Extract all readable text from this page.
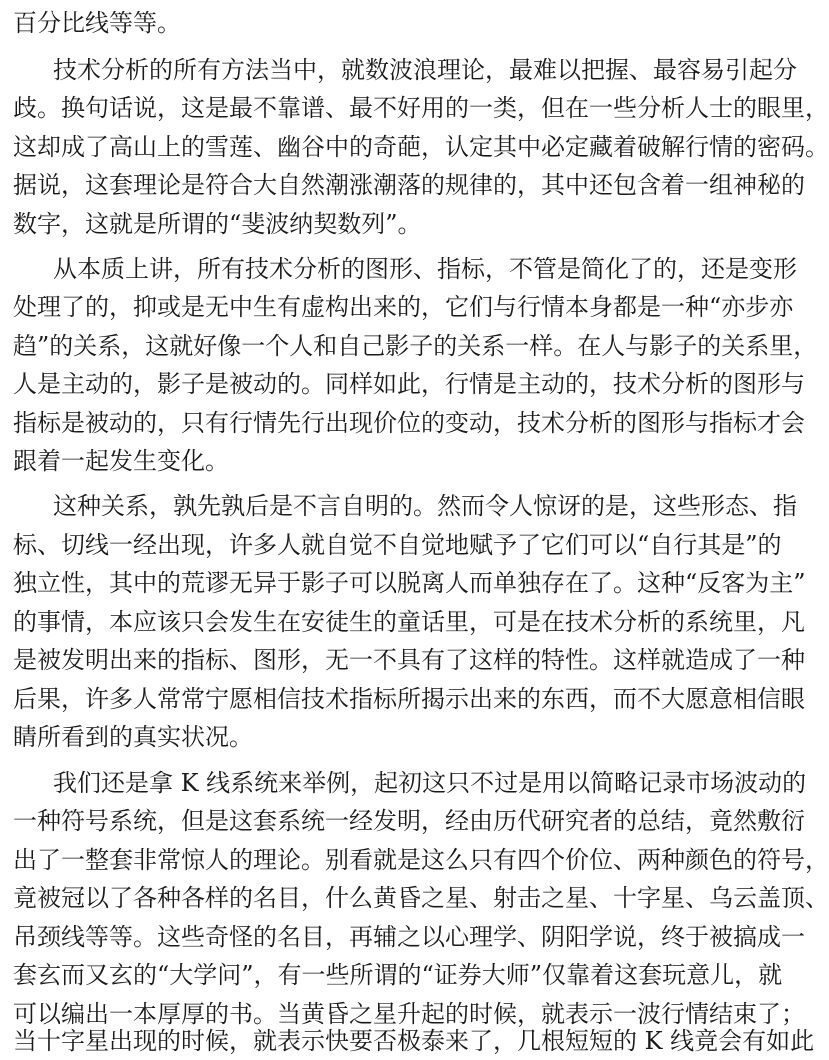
百分比线等等。
技术分析的所有方法当中，就数波浪理论，最难以把握、最容易引起分
歧。换句话说，这是最不靠谱、最不好用的一类，但在一些分析人士的眼里，
这却成了高山上的雪莲、幽谷中的奇葩，认定其中必定藏着破解行情的密码。
据说，这套理论是符合大自然潮涨潮落的规律的，其中还包含着一组神秘的
数字，这就是所谓的“斐波纳契数列”。
从本质上讲，所有技术分析的图形、指标，不管是简化了的，还是变形
处理了的，抑或是无中生有虚构出来的，它们与行情本身都是一种“亦步亦
趋”的关系，这就好像一个人和自己影子的关系一样。在人与影子的关系里，
人是主动的，影子是被动的。同样如此，行情是主动的，技术分析的图形与
指标是被动的，只有行情先行出现价位的变动，技术分析的图形与指标才会
跟着一起发生变化。
这种关系，孰先孰后是不言自明的。然而令人惊讶的是，这些形态、指
标、切线一经出现，许多人就自觉不自觉地赋予了它们可以“自行其是”的
独立性，其中的荒谬无异于影子可以脱离人而单独存在了。这种“反客为主”
的事情，本应该只会发生在安徒生的童话里，可是在技术分析的系统里，凡
是被发明出来的指标、图形，无一不具有了这样的特性。这样就造成了一种
后果，许多人常常宁愿相信技术指标所揭示出来的东西，而不大愿意相信眼
睛所看到的真实状况。
我们还是拿 K 线系统来举例，起初这只不过是用以简略记录市场波动的
一种符号系统，但是这套系统一经发明，经由历代研究者的总结，竟然敷衍
出了一整套非常惊人的理论。别看就是这么只有四个价位、两种颜色的符号，
竟被冠以了各种各样的名目，什么黄昏之星、射击之星、十字星、乌云盖顶、
吊颈线等等。这些奇怪的名目，再辅之以心理学、阴阳学说，终于被搞成一
套玄而又玄的“大学问”，有一些所谓的“证券大师”仅靠着这套玩意儿，就
可以编出一本厚厚的书。当黄昏之星升起的时候，就表示一波行情结束了；
当十字星出现的时候，就表示快要否极泰来了，几根短短的 K 线竟会有如此
